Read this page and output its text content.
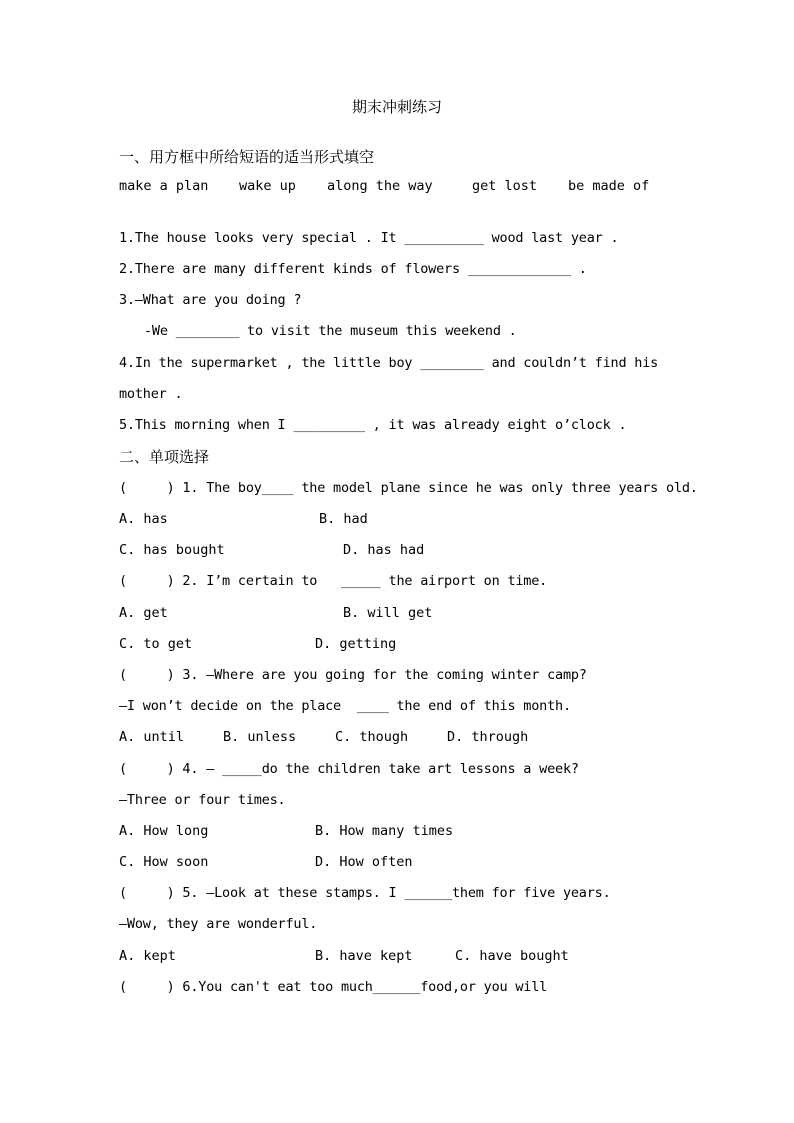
期末冲刺练习
一、用方框中所给短语的适当形式填空
make a plan wake up along the way	get lost be made of
1.The house looks very special . It __________ wood last year .
2.There are many different kinds of flowers _____________ .
3.–What are you doing ?
-We ________ to visit the museum this weekend .
4.In the supermarket , the little boy ________ and couldn’t find his
mother .
5.This morning when I _________ , it was already eight o’clock .
二、单项选择
(     ) 1. The boy____ the model plane since he was only three years old.
A. has	B. had
C. has bought	D. has had
(     ) 2. I’m certain to   _____ the airport on time.
A. get	B. will get
C. to get	D. getting
(     ) 3. —Where are you going for the coming winter camp?
—I won’t decide on the place  ____ the end of this month.
A. until	B. unless	C. though	D. through
(     ) 4. — _____do the children take art lessons a week?
—Three or four times.
A. How long	B. How many times
C. How soon	D. How often
(     ) 5. —Look at these stamps. I ______them for five years.
—Wow, they are wonderful.
A. kept	B. have kept	C. have bought
(     ) 6.You can't eat too much______food,or you will
